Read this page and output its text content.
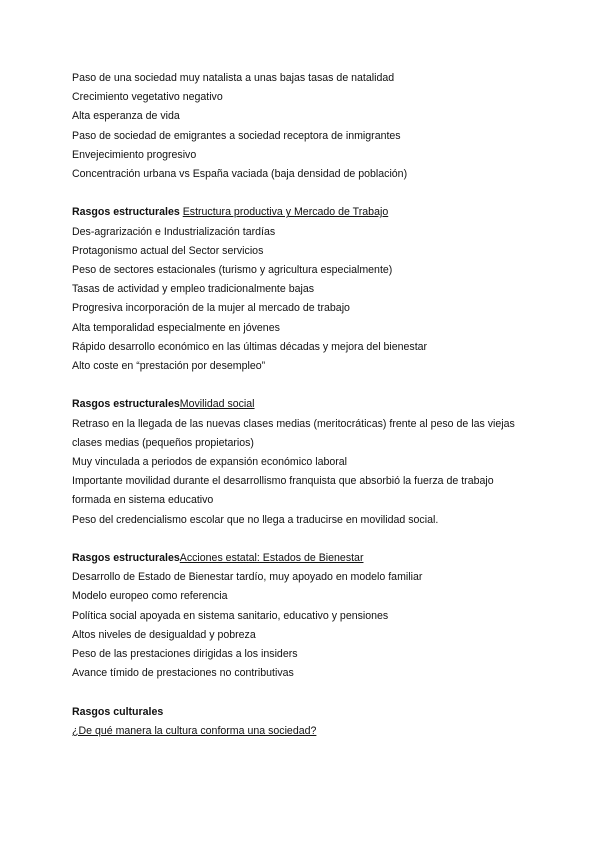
Paso de una sociedad muy natalista a unas bajas tasas de natalidad

Crecimiento vegetativo negativo

Alta esperanza de vida

Paso de sociedad de emigrantes a sociedad receptora de inmigrantes

Envejecimiento progresivo

Concentración urbana vs España vaciada (baja densidad de población)

Rasgos estructurales Estructura productiva y Mercado de Trabajo

Des-agrarización e Industrialización tardías

Protagonismo actual del Sector servicios

Peso de sectores estacionales (turismo y agricultura especialmente)

Tasas de actividad y empleo tradicionalmente bajas

Progresiva incorporación de la mujer al mercado de trabajo

Alta temporalidad especialmente en jóvenes

Rápido desarrollo económico en las últimas décadas y mejora del bienestar

Alto coste en “prestación por desempleo”

Rasgos estructuralesMovilidad social

Retraso en la llegada de las nuevas clases medias (meritocráticas) frente al peso de las viejas clases medias (pequeños propietarios)

Muy vinculada a periodos de expansión económico laboral

Importante movilidad durante el desarrollismo franquista que absorbió la fuerza de trabajo formada en sistema educativo

Peso del credencialismo escolar que no llega a traducirse en movilidad social.

Rasgos estructuralesAcciones estatal: Estados de Bienestar

Desarrollo de Estado de Bienestar tardío, muy apoyado en modelo familiar

Modelo europeo como referencia

Política social apoyada en sistema sanitario, educativo y pensiones

Altos niveles de desigualdad y pobreza

Peso de las prestaciones dirigidas a los insiders

Avance tímido de prestaciones no contributivas

Rasgos culturales

¿De qué manera la cultura conforma una sociedad?
